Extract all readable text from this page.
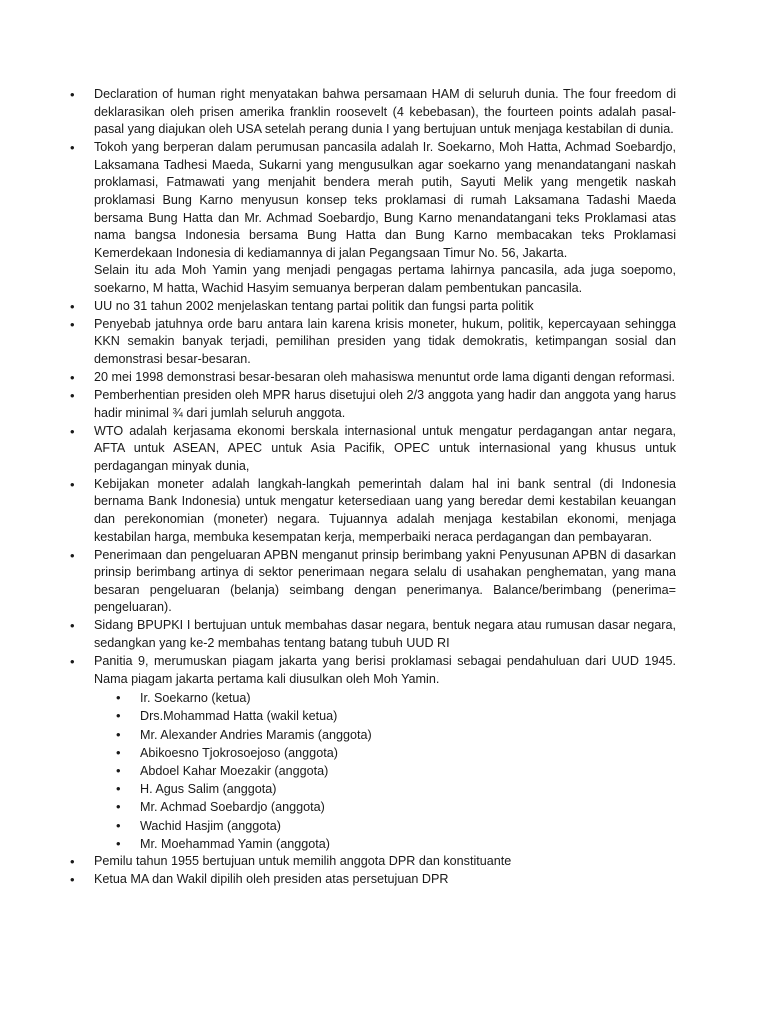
• Declaration of human right menyatakan bahwa persamaan HAM di seluruh dunia. The four freedom di deklarasikan oleh prisen amerika franklin roosevelt (4 kebebasan), the fourteen points adalah pasal-pasal yang diajukan oleh USA setelah perang dunia I yang bertujuan untuk menjaga kestabilan di dunia.
• Tokoh yang berperan dalam perumusan pancasila adalah Ir. Soekarno, Moh Hatta, Achmad Soebardjo, Laksamana Tadhesi Maeda, Sukarni yang mengusulkan agar soekarno yang menandatangani naskah proklamasi, Fatmawati yang menjahit bendera merah putih, Sayuti Melik yang mengetik naskah proklamasi Bung Karno menyusun konsep teks proklamasi di rumah Laksamana Tadashi Maeda bersama Bung Hatta dan Mr. Achmad Soebardjo, Bung Karno menandatangani teks Proklamasi atas nama bangsa Indonesia bersama Bung Hatta dan Bung Karno membacakan teks Proklamasi Kemerdekaan Indonesia di kediamannya di jalan Pegangsaan Timur No. 56, Jakarta.
Selain itu ada Moh Yamin yang menjadi pengagas pertama lahirnya pancasila, ada juga soepomo, soekarno, M hatta, Wachid Hasyim semuanya berperan dalam pembentukan pancasila.
• UU no 31 tahun 2002 menjelaskan tentang partai politik dan fungsi parta politik
• Penyebab jatuhnya orde baru antara lain karena krisis moneter, hukum, politik, kepercayaan sehingga KKN semakin banyak terjadi, pemilihan presiden yang tidak demokratis, ketimpangan sosial dan demonstrasi besar-besaran.
• 20 mei 1998 demonstrasi besar-besaran oleh mahasiswa menuntut orde lama diganti dengan reformasi.
• Pemberhentian presiden oleh MPR harus disetujui oleh 2/3 anggota yang hadir dan anggota yang harus hadir minimal ¾ dari jumlah seluruh anggota.
• WTO adalah kerjasama ekonomi berskala internasional untuk mengatur perdagangan antar negara, AFTA untuk ASEAN, APEC untuk Asia Pacifik, OPEC untuk internasional yang khusus untuk perdagangan minyak dunia,
• Kebijakan moneter adalah langkah-langkah pemerintah dalam hal ini bank sentral (di Indonesia bernama Bank Indonesia) untuk mengatur ketersediaan uang yang beredar demi kestabilan keuangan dan perekonomian (moneter) negara. Tujuannya adalah menjaga kestabilan ekonomi, menjaga kestabilan harga, membuka kesempatan kerja, memperbaiki neraca perdagangan dan pembayaran.
• Penerimaan dan pengeluaran APBN menganut prinsip berimbang yakni Penyusunan APBN di dasarkan prinsip berimbang artinya di sektor penerimaan negara selalu di usahakan penghematan, yang mana besaran pengeluaran (belanja) seimbang dengan penerimanya. Balance/berimbang (penerima= pengeluaran).
• Sidang BPUPKI I bertujuan untuk membahas dasar negara, bentuk negara atau rumusan dasar negara, sedangkan yang ke-2 membahas tentang batang tubuh UUD RI
• Panitia 9, merumuskan piagam jakarta yang berisi proklamasi sebagai pendahuluan dari UUD 1945. Nama piagam jakarta pertama kali diusulkan oleh Moh Yamin.
• Ir. Soekarno (ketua)
• Drs.Mohammad Hatta (wakil ketua)
• Mr. Alexander Andries Maramis (anggota)
• Abikoesno Tjokrosoejoso (anggota)
• Abdoel Kahar Moezakir (anggota)
• H. Agus Salim (anggota)
• Mr. Achmad Soebardjo (anggota)
• Wachid Hasjim (anggota)
• Mr. Moehammad Yamin (anggota)
• Pemilu tahun 1955 bertujuan untuk memilih anggota DPR dan konstituante
• Ketua MA dan Wakil dipilih oleh presiden atas persetujuan DPR
